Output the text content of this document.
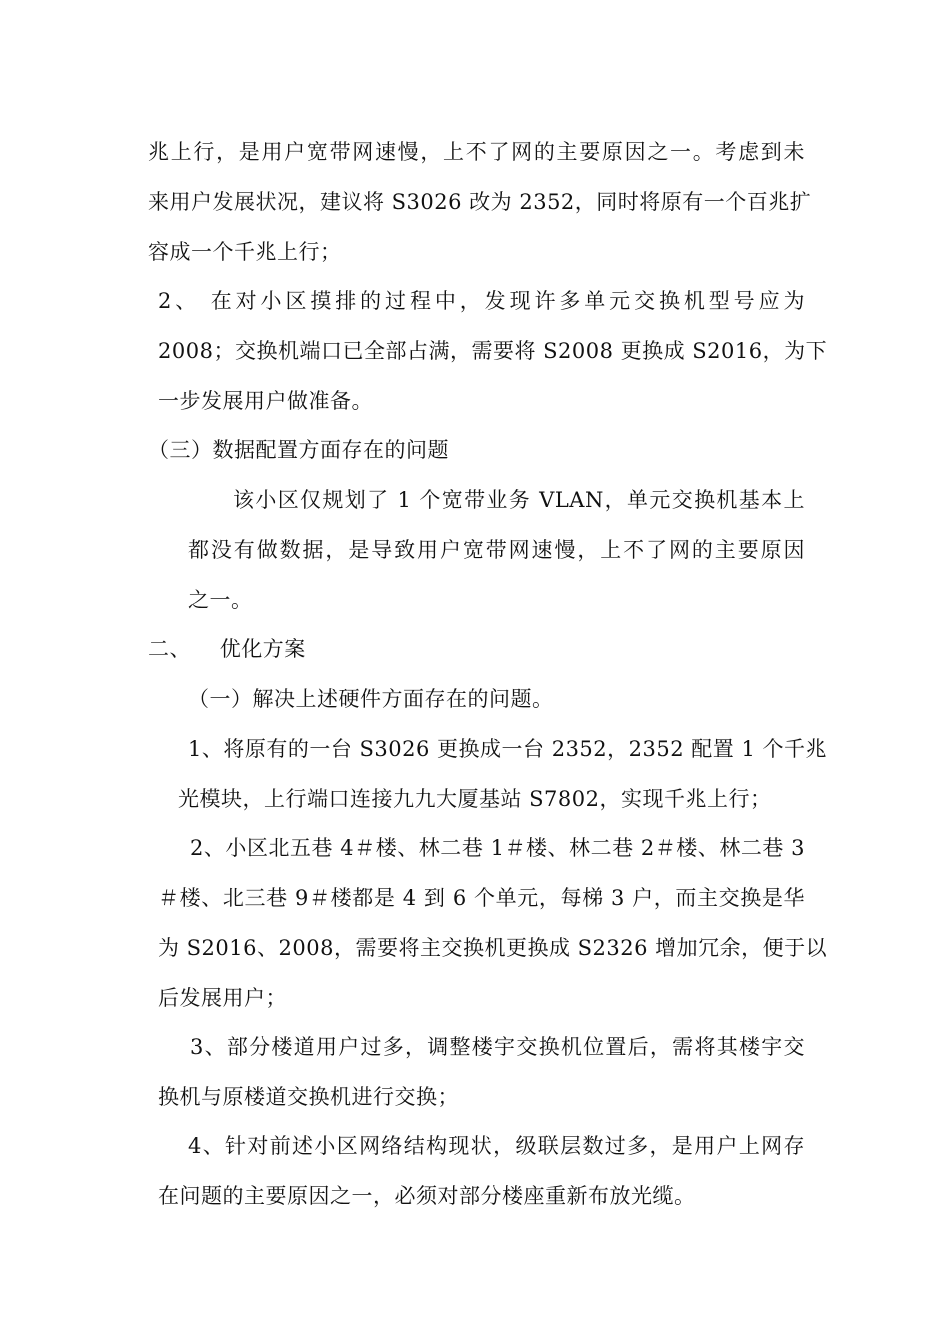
兆上行，是用户宽带网速慢，上不了网的主要原因之一。考虑到未

来用户发展状况，建议将 S3026 改为 2352，同时将原有一个百兆扩

容成一个千兆上行；

2、 在对小区摸排的过程中，发现许多单元交换机型号应为

2008；交换机端口已全部占满，需要将 S2008 更换成 S2016，为下

一步发展用户做准备。

（三）数据配置方面存在的问题

该小区仅规划了 1 个宽带业务 VLAN，单元交换机基本上

都没有做数据，是导致用户宽带网速慢，上不了网的主要原因

之一。

二、    优化方案

（一）解决上述硬件方面存在的问题。

1、将原有的一台 S3026 更换成一台 2352，2352 配置 1 个千兆

光模块，上行端口连接九九大厦基站 S7802，实现千兆上行；

2、小区北五巷 4＃楼、林二巷 1＃楼、林二巷 2＃楼、林二巷 3

＃楼、北三巷 9＃楼都是 4 到 6 个单元，每梯 3 户，而主交换是华

为 S2016、2008，需要将主交换机更换成 S2326 增加冗余，便于以

后发展用户；

3、部分楼道用户过多，调整楼宇交换机位置后，需将其楼宇交

换机与原楼道交换机进行交换；

4、针对前述小区网络结构现状，级联层数过多，是用户上网存

在问题的主要原因之一，必须对部分楼座重新布放光缆。
